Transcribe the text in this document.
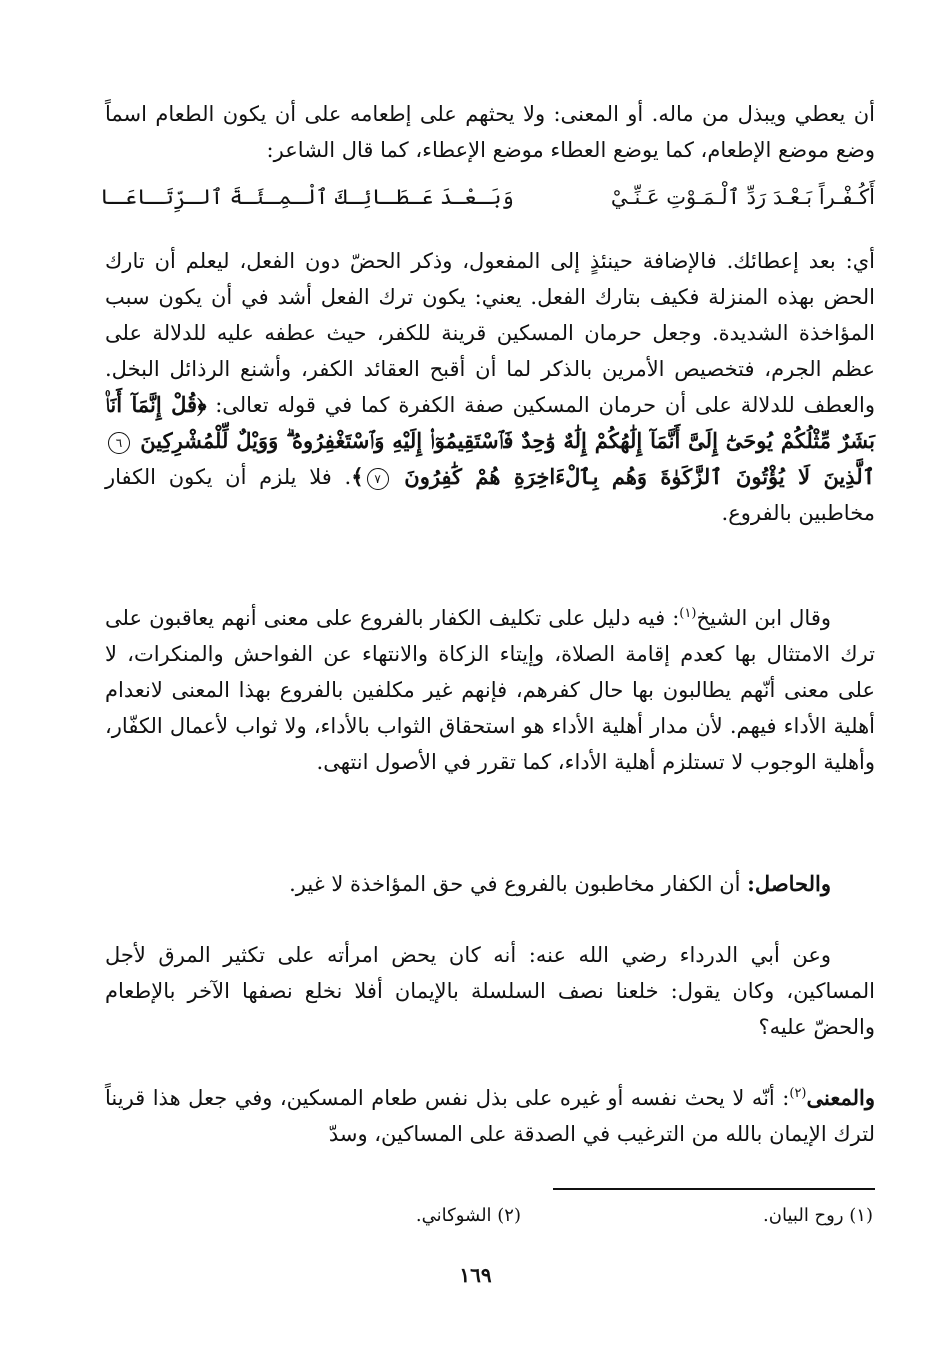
أن يعطي ويبذل من ماله. أو المعنى: ولا يحثهم على إطعامه على أن يكون الطعام اسماً وضع موضع الإطعام، كما يوضع العطاء موضع الإعطاء، كما قال الشاعر:

أَكُـفْـراً بَـعْـدَ رَدِّ ٱلْـمَـوْتِ عَـنِّـيْ
وَبَـعْـدَ عَـطَـائِـكَ ٱلْـمِـئَـةَ ٱلـرِّتَـاعَـا

أي: بعد إعطائك. فالإضافة حينئذٍ إلى المفعول، وذكر الحضّ دون الفعل، ليعلم أن تارك الحض بهذه المنزلة فكيف بتارك الفعل. يعني: يكون ترك الفعل أشد في أن يكون سبب المؤاخذة الشديدة. وجعل حرمان المسكين قرينة للكفر، حيث عطفه عليه للدلالة على عظم الجرم، فتخصيص الأمرين بالذكر لما أن أقبح العقائد الكفر، وأشنع الرذائل البخل. والعطف للدلالة على أن حرمان المسكين صفة الكفرة كما في قوله تعالى: ﴿قُلْ إِنَّمَآ أَنَا۠ بَشَرٌ مِّثْلُكُمْ يُوحَىٰٓ إِلَىَّ أَنَّمَآ إِلَٰهُكُمْ إِلَٰهٌ وَٰحِدٌ فَٱسْتَقِيمُوٓا۟ إِلَيْهِ وَٱسْتَغْفِرُوهُ ۗ وَوَيْلٌ لِّلْمُشْرِكِينَ ٦ ٱلَّذِينَ لَا يُؤْتُونَ ٱلزَّكَوٰةَ وَهُم بِٱلْءَاخِرَةِ هُمْ كَٰفِرُونَ ٧﴾. فلا يلزم أن يكون الكفار مخاطبين بالفروع.

وقال ابن الشيخ$^{(١)}$: فيه دليل على تكليف الكفار بالفروع على معنى أنهم يعاقبون على ترك الامتثال بها كعدم إقامة الصلاة، وإيتاء الزكاة والانتهاء عن الفواحش والمنكرات، لا على معنى أنّهم يطالبون بها حال كفرهم، فإنهم غير مكلفين بالفروع بهذا المعنى لانعدام أهلية الأداء فيهم. لأن مدار أهلية الأداء هو استحقاق الثواب بالأداء، ولا ثواب لأعمال الكفّار، وأهلية الوجوب لا تستلزم أهلية الأداء، كما تقرر في الأصول انتهى.

والحاصل: أن الكفار مخاطبون بالفروع في حق المؤاخذة لا غير.

وعن أبي الدرداء رضي الله عنه: أنه كان يحض امرأته على تكثير المرق لأجل المساكين، وكان يقول: خلعنا نصف السلسلة بالإيمان أفلا نخلع نصفها الآخر بالإطعام والحضّ عليه؟

والمعنى$^{(٢)}$: أنّه لا يحث نفسه أو غيره على بذل نفس طعام المسكين، وفي جعل هذا قريناً لترك الإيمان بالله من الترغيب في الصدقة على المساكين، وسدّ

(١) روح البيان.
(٢) الشوكاني.
١٦٩
